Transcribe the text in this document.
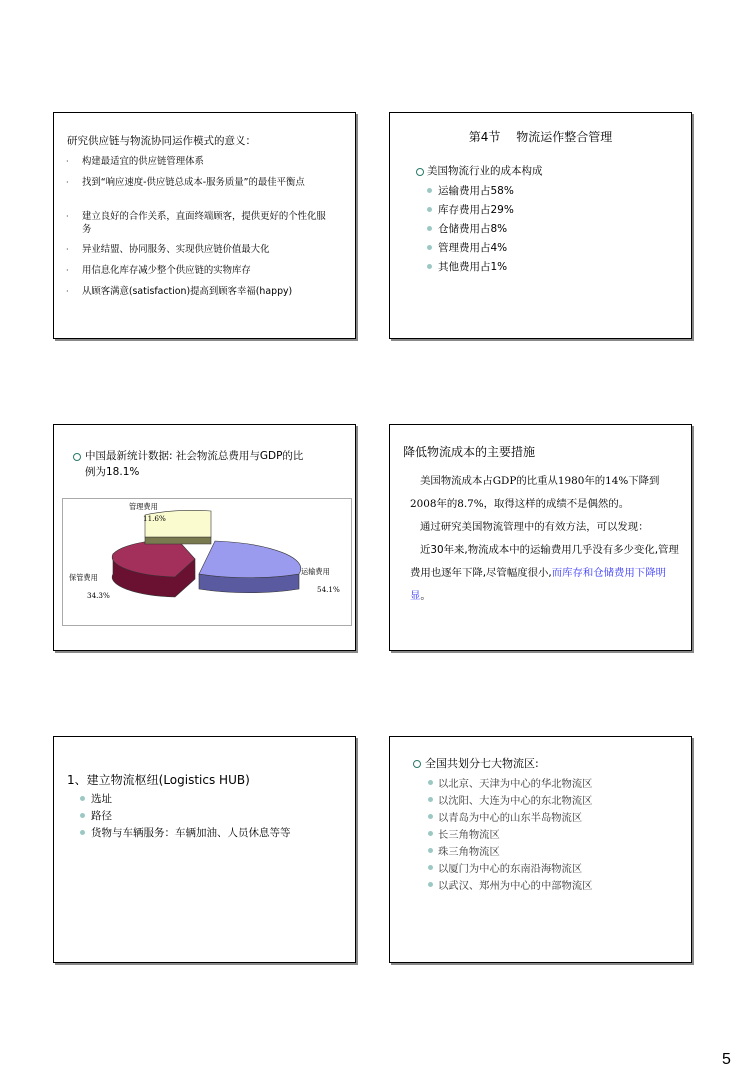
研究供应链与物流协同运作模式的意义：
·	构建最适宜的供应链管理体系
·	找到“响应速度-供应链总成本-服务质量”的最佳平衡点
·	建立良好的合作关系，直面终端顾客，提供更好的个性化服务
·	异业结盟、协同服务、实现供应链价值最大化
·	用信息化库存减少整个供应链的实物库存
·	从顾客满意(satisfaction)提高到顾客幸福(happy)
第4节　 物流运作整合管理
美国物流行业的成本构成
运输费用占58%
库存费用占29%
仓储费用占8%
管理费用占4%
其他费用占1%
中国最新统计数据: 社会物流总费用与GDP的比
例为18.1%
运输费用
54.1%
保管费用
34.3%
管理费用
11.6%
降低物流成本的主要措施
美国物流成本占GDP的比重从1980年的14%下降到2008年的8.7%，取得这样的成绩不是偶然的。
通过研究美国物流管理中的有效方法，可以发现：
近30年来,物流成本中的运输费用几乎没有多少变化,管理费用也逐年下降,尽管幅度很小,而库存和仓储费用下降明显。
1、建立物流枢纽(Logistics HUB)
选址
路径
货物与车辆服务：车辆加油、人员休息等等
全国共划分七大物流区:
以北京、天津为中心的华北物流区
以沈阳、大连为中心的东北物流区
以青岛为中心的山东半岛物流区
长三角物流区
珠三角物流区
以厦门为中心的东南沿海物流区
以武汉、郑州为中心的中部物流区
5
